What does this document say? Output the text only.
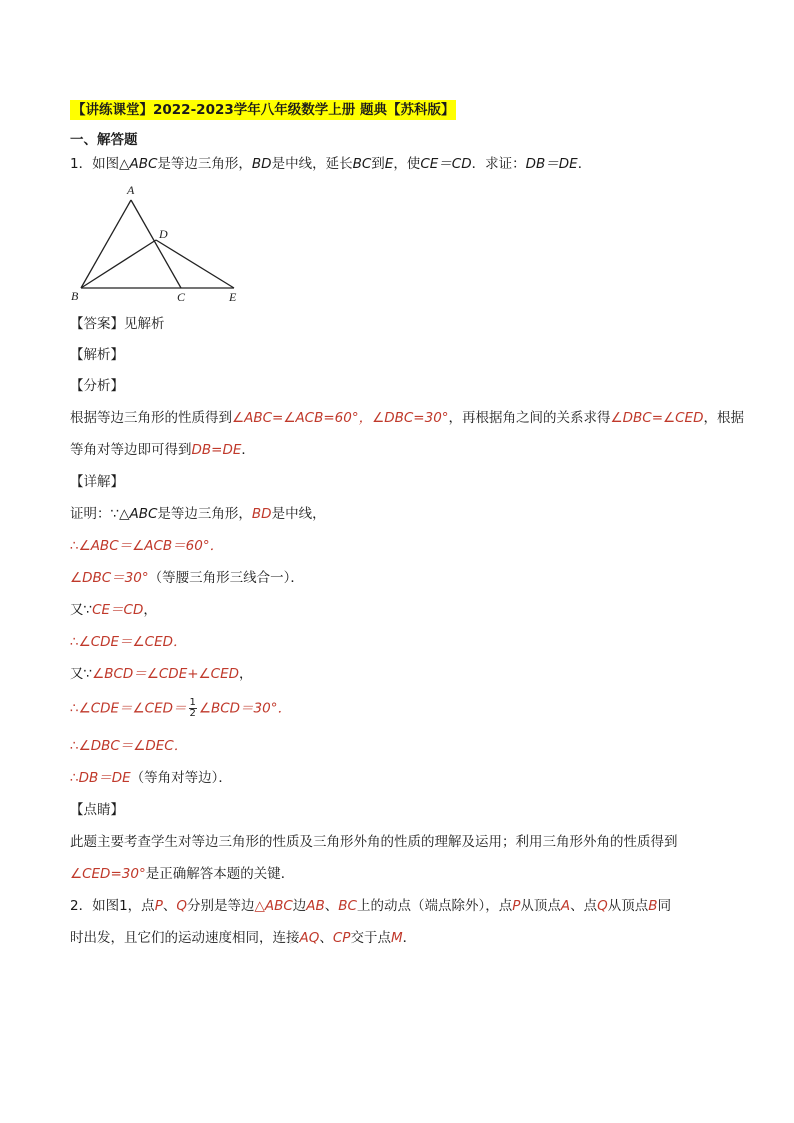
【讲练课堂】2022-2023学年八年级数学上册 题典【苏科版】
一、解答题
1．如图△ABC是等边三角形，BD是中线，延长BC到E，使CE＝CD．求证：DB＝DE．
A
D
B	C	E
【答案】见解析
【解析】
【分析】
根据等边三角形的性质得到∠ABC=∠ACB=60°，∠DBC=30°，再根据角之间的关系求得∠DBC=∠CED，根据
等角对等边即可得到DB=DE．
【详解】
证明：∵△ABC是等边三角形，BD是中线，
∴∠ABC＝∠ACB＝60°．
∠DBC＝30°（等腰三角形三线合一）．
又∵CE＝CD，
∴∠CDE＝∠CED．
又∵∠BCD＝∠CDE+∠CED，
∴∠CDE＝∠CED＝ $\frac{1}{2}$ ∠BCD＝30°．
∴∠DBC＝∠DEC．
∴DB＝DE（等角对等边）．
【点睛】
此题主要考查学生对等边三角形的性质及三角形外角的性质的理解及运用；利用三角形外角的性质得到
∠CED=30°是正确解答本题的关键．
2．如图1，点P、Q分别是等边△ABC边AB、BC上的动点（端点除外），点P从顶点A、点Q从顶点B同
时出发，且它们的运动速度相同，连接AQ、CP交于点M．
